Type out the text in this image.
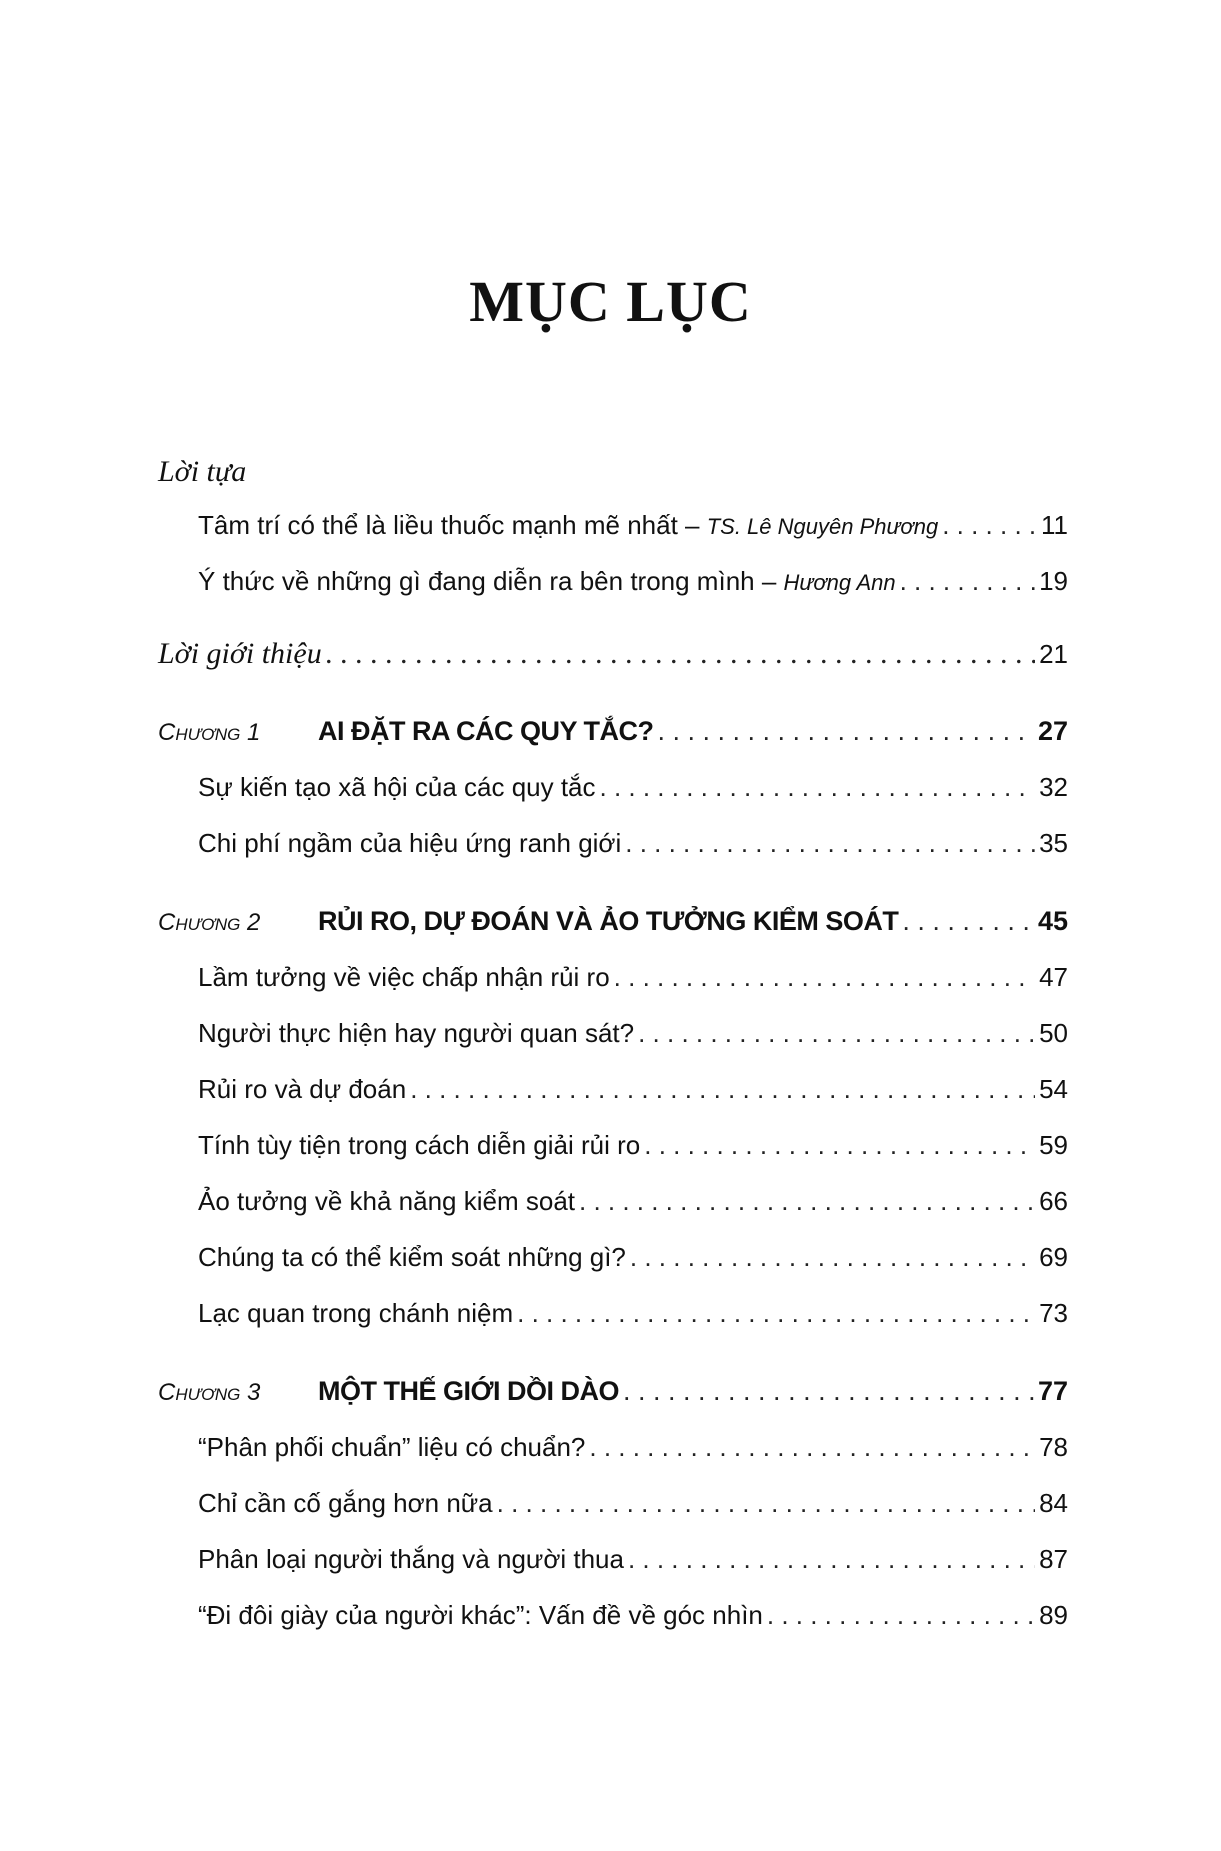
MỤC LỤC
Lời tựa
Tâm trí có thể là liều thuốc mạnh mẽ nhất – TS. Lê Nguyên Phương . . .	11
Ý thức về những gì đang diễn ra bên trong mình – Hương Ann . . .	19
Lời giới thiệu . . .	21
Chương 1	AI ĐẶT RA CÁC QUY TẮC? . . .	27
Sự kiến tạo xã hội của các quy tắc . . .	32
Chi phí ngầm của hiệu ứng ranh giới . . .	35
Chương 2	RỦI RO, DỰ ĐOÁN VÀ ẢO TƯỞNG KIỂM SOÁT . . .	45
Lầm tưởng về việc chấp nhận rủi ro . . .	47
Người thực hiện hay người quan sát? . . .	50
Rủi ro và dự đoán . . .	54
Tính tùy tiện trong cách diễn giải rủi ro . . .	59
Ảo tưởng về khả năng kiểm soát . . .	66
Chúng ta có thể kiểm soát những gì? . . .	69
Lạc quan trong chánh niệm . . .	73
Chương 3	MỘT THẾ GIỚI DỒI DÀO . . .	77
“Phân phối chuẩn” liệu có chuẩn? . . .	78
Chỉ cần cố gắng hơn nữa . . .	84
Phân loại người thắng và người thua . . .	87
“Đi đôi giày của người khác”: Vấn đề về góc nhìn . . .	89
